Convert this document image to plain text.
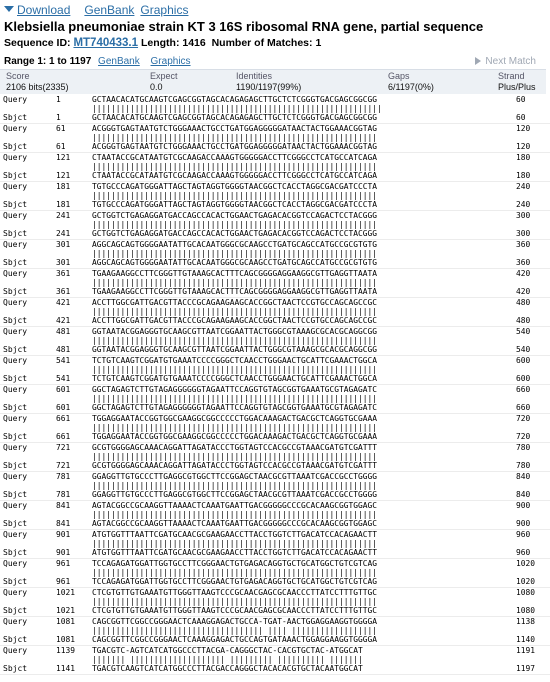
Download GenBank Graphics
Klebsiella pneumoniae strain KT 3 16S ribosomal RNA gene, partial sequence
Sequence ID: MT740433.1 Length: 1416 Number of Matches: 1
Range 1: 1 to 1197 GenBank Graphics	Next Match
Score	Expect	Identities	Gaps	Strand
2106 bits(2335)	0.0	1190/1197(99%)	6/1197(0%)	Plus/Plus
Query	1	GCTAACACATGCAAGTCGAGCGGTAGCACAGAGAGCTTGCTCTCGGGTGACGAGCGGCGG	60
|||||||||||||||||||||||||||||||||||||||||||||||||||||||||||||
Sbjct	1	GCTAACACATGCAAGTCGAGCGGTAGCACAGAGAGCTTGCTCTCGGGTGACGAGCGGCGG	60
Query	61	ACGGGTGAGTAATGTCTGGGAAACTGCCTGATGGAGGGGGATAACTACTGGAAACGGTAG	120
||||||||||||||||||||||||||||||||||||||||||||||||||||||||||||
Sbjct	61	ACGGGTGAGTAATGTCTGGGAAACTGCCTGATGGAGGGGGATAACTACTGGAAACGGTAG	120
Query	121	CTAATACCGCATAATGTCGCAAGACCAAAGTGGGGGACCTTCGGGCCTCATGCCATCAGA	180
||||||||||||||||||||||||||||||||||||||||||||||||||||||||||||
Sbjct	121	CTAATACCGCATAATGTCGCAAGACCAAAGTGGGGGACCTTCGGGCCTCATGCCATCAGA	180
Query	181	TGTGCCCAGATGGGATTAGCTAGTAGGTGGGGTAACGGCTCACCTAGGCGACGATCCCTA	240
||||||||||||||||||||||||||||||||||||||||||||||||||||||||||||
Sbjct	181	TGTGCCCAGATGGGATTAGCTAGTAGGTGGGGTAACGGCTCACCTAGGCGACGATCCCTA	240
Query	241	GCTGGTCTGAGAGGATGACCAGCCACACTGGAACTGAGACACGGTCCAGACTCCTACGGG	300
||||||||||||||||||||||||||||||||||||||||||||||||||||||||||||
Sbjct	241	GCTGGTCTGAGAGGATGACCAGCCACACTGGAACTGAGACACGGTCCAGACTCCTACGGG	300
Query	301	AGGCAGCAGTGGGGAATATTGCACAATGGGCGCAAGCCTGATGCAGCCATGCCGCGTGTG	360
||||||||||||||||||||||||||||||||||||||||||||||||||||||||||||
Sbjct	301	AGGCAGCAGTGGGGAATATTGCACAATGGGCGCAAGCCTGATGCAGCCATGCCGCGTGTG	360
Query	361	TGAAGAAGGCCTTCGGGTTGTAAAGCACTTTCAGCGGGGAGGAAGGCGTTGAGGTTAATA	420
||||||||||||||||||||||||||||||||||||||||||||||||||||||||||||
Sbjct	361	TGAAGAAGGCCTTCGGGTTGTAAAGCACTTTCAGCGGGGAGGAAGGCGTTGAGGTTAATA	420
Query	421	ACCTTGGCGATTGACGTTACCCGCAGAAGAAGCACCGGCTAACTCCGTGCCAGCAGCCGC	480
||||||||||||||||||||||||||||||||||||||||||||||||||||||||||||
Sbjct	421	ACCTTGGCGATTGACGTTACCCGCAGAAGAAGCACCGGCTAACTCCGTGCCAGCAGCCGC	480
Query	481	GGTAATACGGAGGGTGCAAGCGTTAATCGGAATTACTGGGCGTAAAGCGCACGCAGGCGG	540
||||||||||||||||||||||||||||||||||||||||||||||||||||||||||||
Sbjct	481	GGTAATACGGAGGGTGCAAGCGTTAATCGGAATTACTGGGCGTAAAGCGCACGCAGGCGG	540
Query	541	TCTGTCAAGTCGGATGTGAAATCCCCGGGCTCAACCTGGGAACTGCATTCGAAACTGGCA	600
||||||||||||||||||||||||||||||||||||||||||||||||||||||||||||
Sbjct	541	TCTGTCAAGTCGGATGTGAAATCCCCGGGCTCAACCTGGGAACTGCATTCGAAACTGGCA	600
Query	601	GGCTAGAGTCTTGTAGAGGGGGGTAGAATTCCAGGTGTAGCGGTGAAATGCGTAGAGATC	660
||||||||||||||||||||||||||||||||||||||||||||||||||||||||||||
Sbjct	601	GGCTAGAGTCTTGTAGAGGGGGGTAGAATTCCAGGTGTAGCGGTGAAATGCGTAGAGATC	660
Query	661	TGGAGGAATACCGGTGGCGAAGGCGGCCCCCTGGACAAAGACTGACGCTCAGGTGCGAAA	720
||||||||||||||||||||||||||||||||||||||||||||||||||||||||||||
Sbjct	661	TGGAGGAATACCGGTGGCGAAGGCGGCCCCCTGGACAAAGACTGACGCTCAGGTGCGAAA	720
Query	721	GCGTGGGGAGCAAACAGGATTAGATACCCTGGTAGTCCACGCCGTAAACGATGTCGATTT	780
||||||||||||||||||||||||||||||||||||||||||||||||||||||||||||
Sbjct	721	GCGTGGGGAGCAAACAGGATTAGATACCCTGGTAGTCCACGCCGTAAACGATGTCGATTT	780
Query	781	GGAGGTTGTGCCCTTGAGGCGTGGCTTCCGGAGCTAACGCGTTAAATCGACCGCCTGGGG	840
||||||||||||||||||||||||||||||||||||||||||||||||||||||||||||
Sbjct	781	GGAGGTTGTGCCCTTGAGGCGTGGCTTCCGGAGCTAACGCGTTAAATCGACCGCCTGGGG	840
Query	841	AGTACGGCCGCAAGGTTAAAACTCAAATGAATTGACGGGGGCCCGCACAAGCGGTGGAGC	900
||||||||||||||||||||||||||||||||||||||||||||||||||||||||||||
Sbjct	841	AGTACGGCCGCAAGGTTAAAACTCAAATGAATTGACGGGGGCCCGCACAAGCGGTGGAGC	900
Query	901	ATGTGGTTTAATTCGATGCAACGCGAAGAACCTTACCTGGTCTTGACATCCACAGAACTT	960
||||||||||||||||||||||||||||||||||||||||||||||||||||||||||||
Sbjct	901	ATGTGGTTTAATTCGATGCAACGCGAAGAACCTTACCTGGTCTTGACATCCACAGAACTT	960
Query	961	TCCAGAGATGGATTGGTGCCTTCGGGAACTGTGAGACAGGTGCTGCATGGCTGTCGTCAG	1020
||||||||||||||||||||||||||||||||||||||||||||||||||||||||||||
Sbjct	961	TCCAGAGATGGATTGGTGCCTTCGGGAACTGTGAGACAGGTGCTGCATGGCTGTCGTCAG	1020
Query	1021	CTCGTGTTGTGAAATGTTGGGTTAAGTCCCGCAACGAGCGCAACCCTTATCCTTTGTTGC	1080
||||||||||||||||||||||||||||||||||||||||||||||||||||||||||||
Sbjct	1021	CTCGTGTTGTGAAATGTTGGGTTAAGTCCCGCAACGAGCGCAACCCTTATCCTTTGTTGC	1080
Query	1081	CAGCGGTTCGGCCGGGAACTCAAAGGAGACTGCCA-TGAT-AACTGGAGGAAGGTGGGGA	1138
|||||||||||||||||||||||||||||||||||| |||| ||||||||||||||||||
Sbjct	1081	CAGCGGTTCGGCCGGGAACTCAAAGGAGACTGCCAGTGATAAACTGGAGGAAGGTGGGGA	1140
Query	1139	TGACGTC-AGTCATCATGGCCCTTACGA-CAGGGCTAC-CACGTGCTAC-ATGGCAT	1191
||||||| |||||||||||||||||||| ||||||||| |||||||||| |||||||
Sbjct	1141	TGACGTCAAGTCATCATGGCCCTTACGACCAGGGCTACACACGTGCTACAATGGCAT	1197
